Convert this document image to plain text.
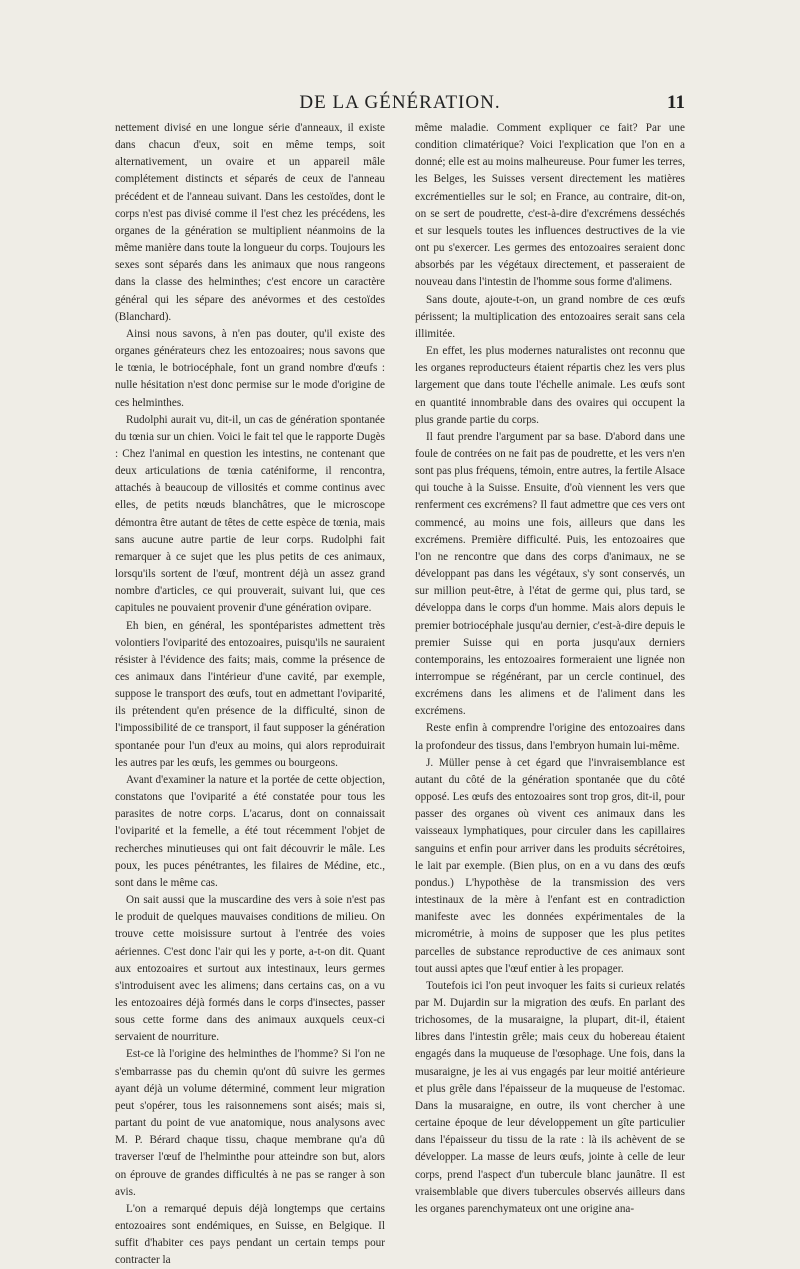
DE LA GÉNÉRATION.	11

nettement divisé en une longue série d'anneaux, il existe dans chacun d'eux, soit en même temps, soit alternativement, un ovaire et un appareil mâle complétement distincts et séparés de ceux de l'anneau précédent et de l'anneau suivant. Dans les cestoïdes, dont le corps n'est pas divisé comme il l'est chez les précédens, les organes de la génération se multiplient néanmoins de la même manière dans toute la longueur du corps. Toujours les sexes sont séparés dans les animaux que nous rangeons dans la classe des helminthes; c'est encore un caractère général qui les sépare des anévormes et des cestoïdes (Blanchard).

Ainsi nous savons, à n'en pas douter, qu'il existe des organes générateurs chez les entozoaires; nous savons que le tœnia, le botriocéphale, font un grand nombre d'œufs : nulle hésitation n'est donc permise sur le mode d'origine de ces helminthes.

Rudolphi aurait vu, dit-il, un cas de génération spontanée du tœnia sur un chien. Voici le fait tel que le rapporte Dugès : Chez l'animal en question les intestins, ne contenant que deux articulations de tœnia caténiforme, il rencontra, attachés à beaucoup de villosités et comme continus avec elles, de petits nœuds blanchâtres, que le microscope démontra être autant de têtes de cette espèce de tœnia, mais sans aucune autre partie de leur corps. Rudolphi fait remarquer à ce sujet que les plus petits de ces animaux, lorsqu'ils sortent de l'œuf, montrent déjà un assez grand nombre d'articles, ce qui prouverait, suivant lui, que ces capitules ne pouvaient provenir d'une génération ovipare.

Eh bien, en général, les spontéparistes admettent très volontiers l'oviparité des entozoaires, puisqu'ils ne sauraient résister à l'évidence des faits; mais, comme la présence de ces animaux dans l'intérieur d'une cavité, par exemple, suppose le transport des œufs, tout en admettant l'oviparité, ils prétendent qu'en présence de la difficulté, sinon de l'impossibilité de ce transport, il faut supposer la génération spontanée pour l'un d'eux au moins, qui alors reproduirait les autres par les œufs, les gemmes ou bourgeons.

Avant d'examiner la nature et la portée de cette objection, constatons que l'oviparité a été constatée pour tous les parasites de notre corps. L'acarus, dont on connaissait l'oviparité et la femelle, a été tout récemment l'objet de recherches minutieuses qui ont fait découvrir le mâle. Les poux, les puces pénétrantes, les filaires de Médine, etc., sont dans le même cas.

On sait aussi que la muscardine des vers à soie n'est pas le produit de quelques mauvaises conditions de milieu. On trouve cette moisissure surtout à l'entrée des voies aériennes. C'est donc l'air qui les y porte, a-t-on dit. Quant aux entozoaires et surtout aux intestinaux, leurs germes s'introduisent avec les alimens; dans certains cas, on a vu les entozoaires déjà formés dans le corps d'insectes, passer sous cette forme dans des animaux auxquels ceux-ci servaient de nourriture.

Est-ce là l'origine des helminthes de l'homme? Si l'on ne s'embarrasse pas du chemin qu'ont dû suivre les germes ayant déjà un volume déterminé, comment leur migration peut s'opérer, tous les raisonnemens sont aisés; mais si, partant du point de vue anatomique, nous analysons avec M. P. Bérard chaque tissu, chaque membrane qu'a dû traverser l'œuf de l'helminthe pour atteindre son but, alors on éprouve de grandes difficultés à ne pas se ranger à son avis.

L'on a remarqué depuis déjà longtemps que certains entozoaires sont endémiques, en Suisse, en Belgique. Il suffit d'habiter ces pays pendant un certain temps pour contracter la

même maladie. Comment expliquer ce fait? Par une condition climatérique? Voici l'explication que l'on en a donné; elle est au moins malheureuse. Pour fumer les terres, les Belges, les Suisses versent directement les matières excrémentielles sur le sol; en France, au contraire, dit-on, on se sert de poudrette, c'est-à-dire d'excrémens desséchés et sur lesquels toutes les influences destructives de la vie ont pu s'exercer. Les germes des entozoaires seraient donc absorbés par les végétaux directement, et passeraient de nouveau dans l'intestin de l'homme sous forme d'alimens.

Sans doute, ajoute-t-on, un grand nombre de ces œufs périssent; la multiplication des entozoaires serait sans cela illimitée.

En effet, les plus modernes naturalistes ont reconnu que les organes reproducteurs étaient répartis chez les vers plus largement que dans toute l'échelle animale. Les œufs sont en quantité innombrable dans des ovaires qui occupent la plus grande partie du corps.

Il faut prendre l'argument par sa base. D'abord dans une foule de contrées on ne fait pas de poudrette, et les vers n'en sont pas plus fréquens, témoin, entre autres, la fertile Alsace qui touche à la Suisse. Ensuite, d'où viennent les vers que renferment ces excrémens? Il faut admettre que ces vers ont commencé, au moins une fois, ailleurs que dans les excrémens. Première difficulté. Puis, les entozoaires que l'on ne rencontre que dans des corps d'animaux, ne se développant pas dans les végétaux, s'y sont conservés, un sur million peut-être, à l'état de germe qui, plus tard, se développa dans le corps d'un homme. Mais alors depuis le premier botriocéphale jusqu'au dernier, c'est-à-dire depuis le premier Suisse qui en porta jusqu'aux derniers contemporains, les entozoaires formeraient une lignée non interrompue se régénérant, par un cercle continuel, des excrémens dans les alimens et de l'aliment dans les excrémens.

Reste enfin à comprendre l'origine des entozoaires dans la profondeur des tissus, dans l'embryon humain lui-même.

J. Müller pense à cet égard que l'invraisemblance est autant du côté de la génération spontanée que du côté opposé. Les œufs des entozoaires sont trop gros, dit-il, pour passer des organes où vivent ces animaux dans les vaisseaux lymphatiques, pour circuler dans les capillaires sanguins et enfin pour arriver dans les produits sécrétoires, le lait par exemple. (Bien plus, on en a vu dans des œufs pondus.) L'hypothèse de la transmission des vers intestinaux de la mère à l'enfant est en contradiction manifeste avec les données expérimentales de la micrométrie, à moins de supposer que les plus petites parcelles de substance reproductive de ces animaux sont tout aussi aptes que l'œuf entier à les propager.

Toutefois ici l'on peut invoquer les faits si curieux relatés par M. Dujardin sur la migration des œufs. En parlant des trichosomes, de la musaraigne, la plupart, dit-il, étaient libres dans l'intestin grêle; mais ceux du hobereau étaient engagés dans la muqueuse de l'œsophage. Une fois, dans la musaraigne, je les ai vus engagés par leur moitié antérieure et plus grêle dans l'épaisseur de la muqueuse de l'estomac. Dans la musaraigne, en outre, ils vont chercher à une certaine époque de leur développement un gîte particulier dans l'épaisseur du tissu de la rate : là ils achèvent de se développer. La masse de leurs œufs, jointe à celle de leur corps, prend l'aspect d'un tubercule blanc jaunâtre. Il est vraisemblable que divers tubercules observés ailleurs dans les organes parenchymateux ont une origine ana-
